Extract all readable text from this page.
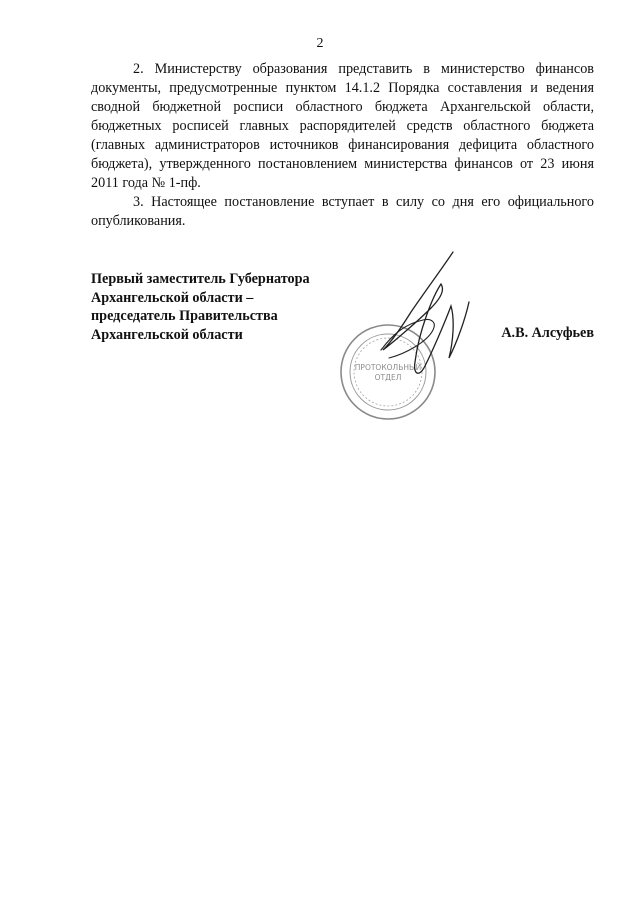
2

2. Министерству образования представить в министерство финансов документы, предусмотренные пунктом 14.1.2 Порядка составления и ведения сводной бюджетной росписи областного бюджета Архангельской области, бюджетных росписей главных распорядителей средств областного бюджета (главных администраторов источников финансирования дефицита областного бюджета), утвержденного постановлением министерства финансов от 23 июня 2011 года № 1-пф.

3. Настоящее постановление вступает в силу со дня его официального опубликования.

Первый заместитель Губернатора
Архангельской области –
председатель Правительства
Архангельской области
ПРОТОКОЛЬНЫЙ
ОТДЕЛ
А.В. Алсуфьев
